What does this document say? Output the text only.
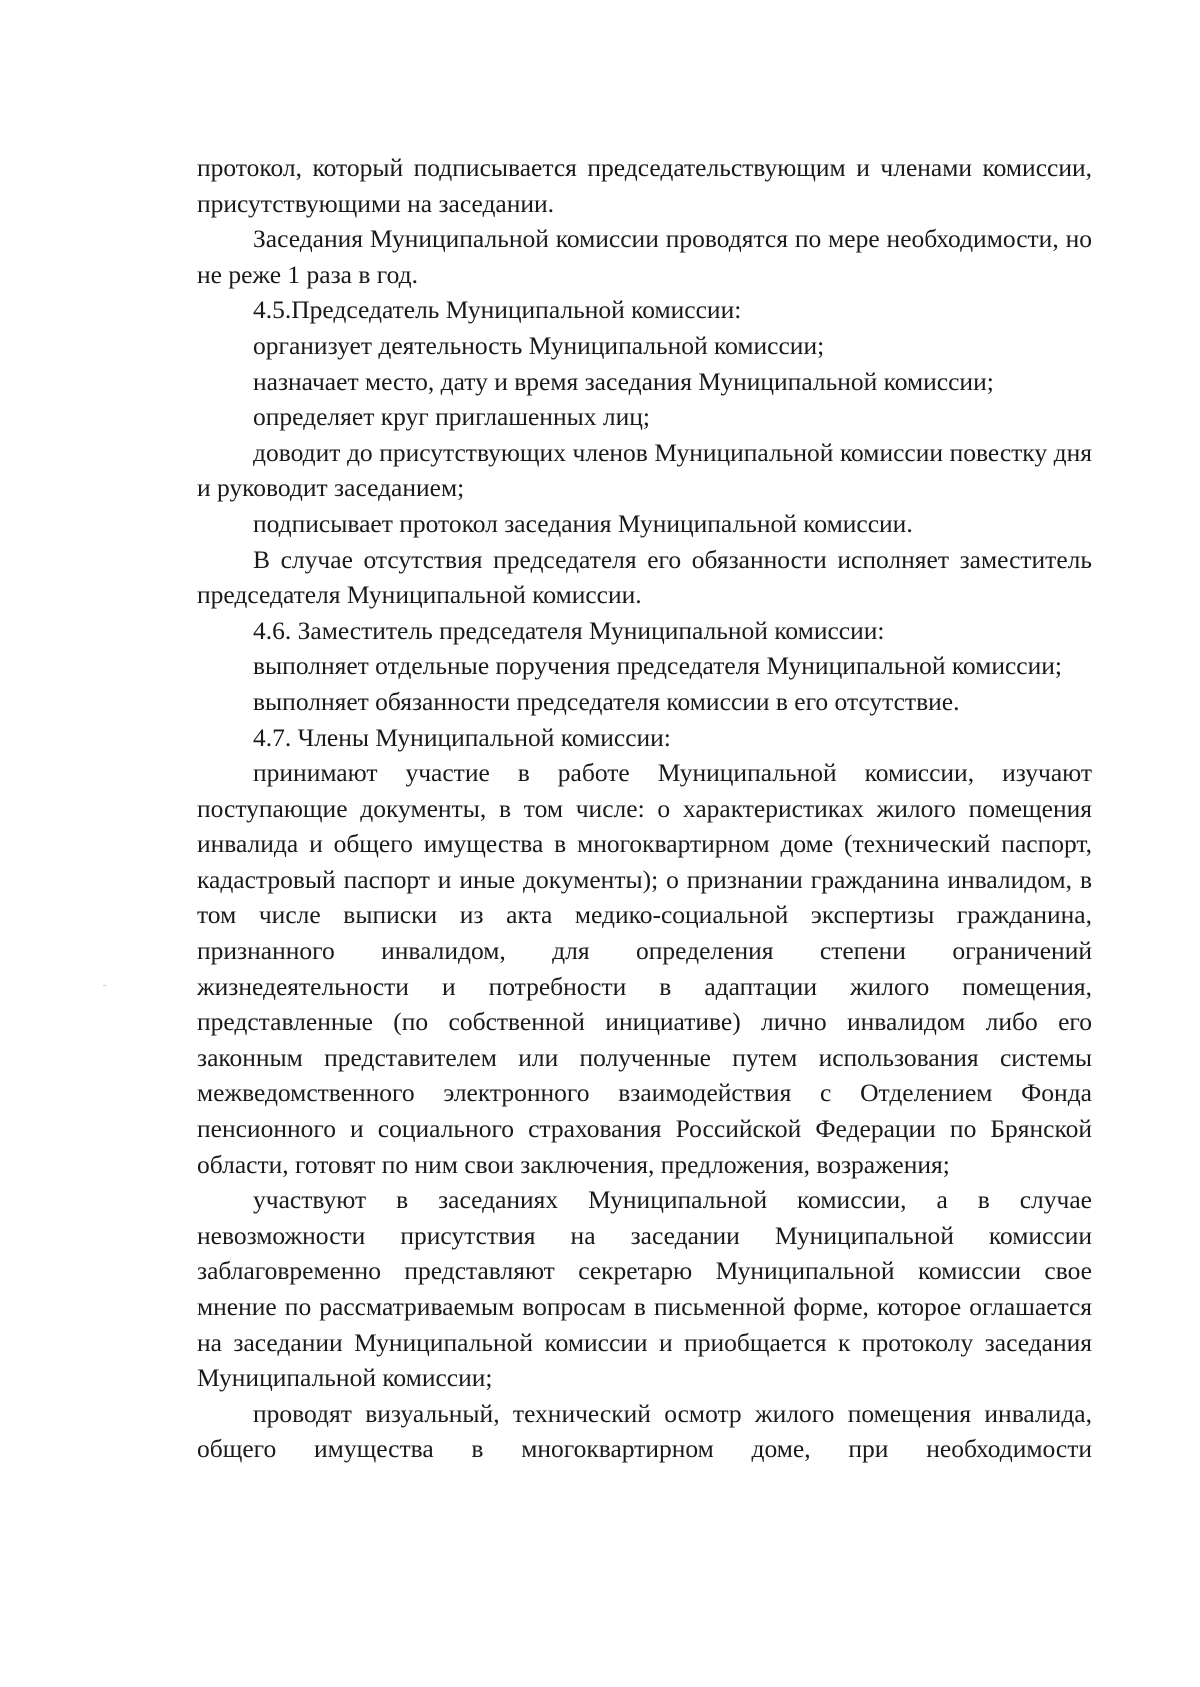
протокол, который подписывается председательствующим и членами комиссии, присутствующими на заседании.

Заседания Муниципальной комиссии проводятся по мере необходимости, но не реже 1 раза в год.

4.5.Председатель Муниципальной комиссии:

организует деятельность Муниципальной комиссии;

назначает место, дату и время заседания Муниципальной комиссии;

определяет круг приглашенных лиц;

доводит до присутствующих членов Муниципальной комиссии повестку дня и руководит заседанием;

подписывает протокол заседания Муниципальной комиссии.

В случае отсутствия председателя его обязанности исполняет заместитель председателя Муниципальной комиссии.

4.6. Заместитель председателя Муниципальной комиссии:

выполняет отдельные поручения председателя Муниципальной комиссии;

выполняет обязанности председателя комиссии в его отсутствие.

4.7. Члены Муниципальной комиссии:

принимают участие в работе Муниципальной комиссии, изучают поступающие документы, в том числе: о характеристиках жилого помещения инвалида и общего имущества в многоквартирном доме (технический паспорт, кадастровый паспорт и иные документы); о признании гражданина инвалидом, в том числе выписки из акта медико-социальной экспертизы гражданина, признанного инвалидом, для определения степени ограничений жизнедеятельности и потребности в адаптации жилого помещения, представленные (по собственной инициативе) лично инвалидом либо его законным представителем или полученные путем использования системы межведомственного электронного взаимодействия с Отделением Фонда пенсионного и социального страхования Российской Федерации по Брянской области, готовят по ним свои заключения, предложения, возражения;

участвуют в заседаниях Муниципальной комиссии, а в случае невозможности присутствия на заседании Муниципальной комиссии заблаговременно представляют секретарю Муниципальной комиссии свое мнение по рассматриваемым вопросам в письменной форме, которое оглашается на заседании Муниципальной комиссии и приобщается к протоколу заседания Муниципальной комиссии;

проводят визуальный, технический осмотр жилого помещения инвалида, общего имущества в многоквартирном доме, при необходимости
